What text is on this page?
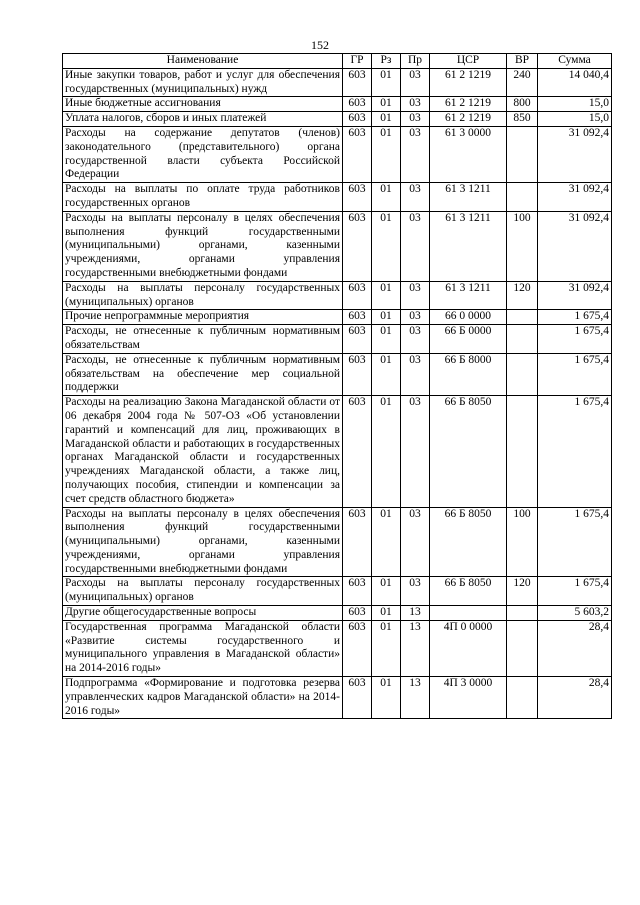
152
Наименование	ГР	Рз	Пр	ЦСР	ВР	Сумма
Иные закупки товаров, работ и услуг для обеспечения государственных (муниципальных) нужд	603	01	03	61 2 1219	240	14 040,4
Иные бюджетные ассигнования	603	01	03	61 2 1219	800	15,0
Уплата налогов, сборов и иных платежей	603	01	03	61 2 1219	850	15,0
Расходы на содержание депутатов (членов) законодательного (представительного) органа государственной власти субъекта Российской Федерации	603	01	03	61 3 0000		31 092,4
Расходы на выплаты по оплате труда работников государственных органов	603	01	03	61 3 1211		31 092,4
Расходы на выплаты персоналу в целях обеспечения выполнения функций государственными (муниципальными) органами, казенными учреждениями, органами управления государственными внебюджетными фондами	603	01	03	61 3 1211	100	31 092,4
Расходы на выплаты персоналу государственных (муниципальных) органов	603	01	03	61 3 1211	120	31 092,4
Прочие непрограммные мероприятия	603	01	03	66 0 0000		1 675,4
Расходы, не отнесенные к публичным нормативным обязательствам	603	01	03	66 Б 0000		1 675,4
Расходы, не отнесенные к публичным нормативным обязательствам на обеспечение мер социальной поддержки	603	01	03	66 Б 8000		1 675,4
Расходы на реализацию Закона Магаданской области от 06 декабря 2004 года № 507-ОЗ «Об установлении гарантий и компенсаций для лиц, проживающих в Магаданской области и работающих в государственных органах Магаданской области и государственных учреждениях Магаданской области, а также лиц, получающих пособия, стипендии и компенсации за счет средств областного бюджета»	603	01	03	66 Б 8050		1 675,4
Расходы на выплаты персоналу в целях обеспечения выполнения функций государственными (муниципальными) органами, казенными учреждениями, органами управления государственными внебюджетными фондами	603	01	03	66 Б 8050	100	1 675,4
Расходы на выплаты персоналу государственных (муниципальных) органов	603	01	03	66 Б 8050	120	1 675,4
Другие общегосударственные вопросы	603	01	13			5 603,2
Государственная программа Магаданской области «Развитие системы государственного и муниципального управления в Магаданской области» на 2014-2016 годы»	603	01	13	4П 0 0000		28,4
Подпрограмма «Формирование и подготовка резерва управленческих кадров Магаданской области» на 2014-2016 годы»	603	01	13	4П 3 0000		28,4
